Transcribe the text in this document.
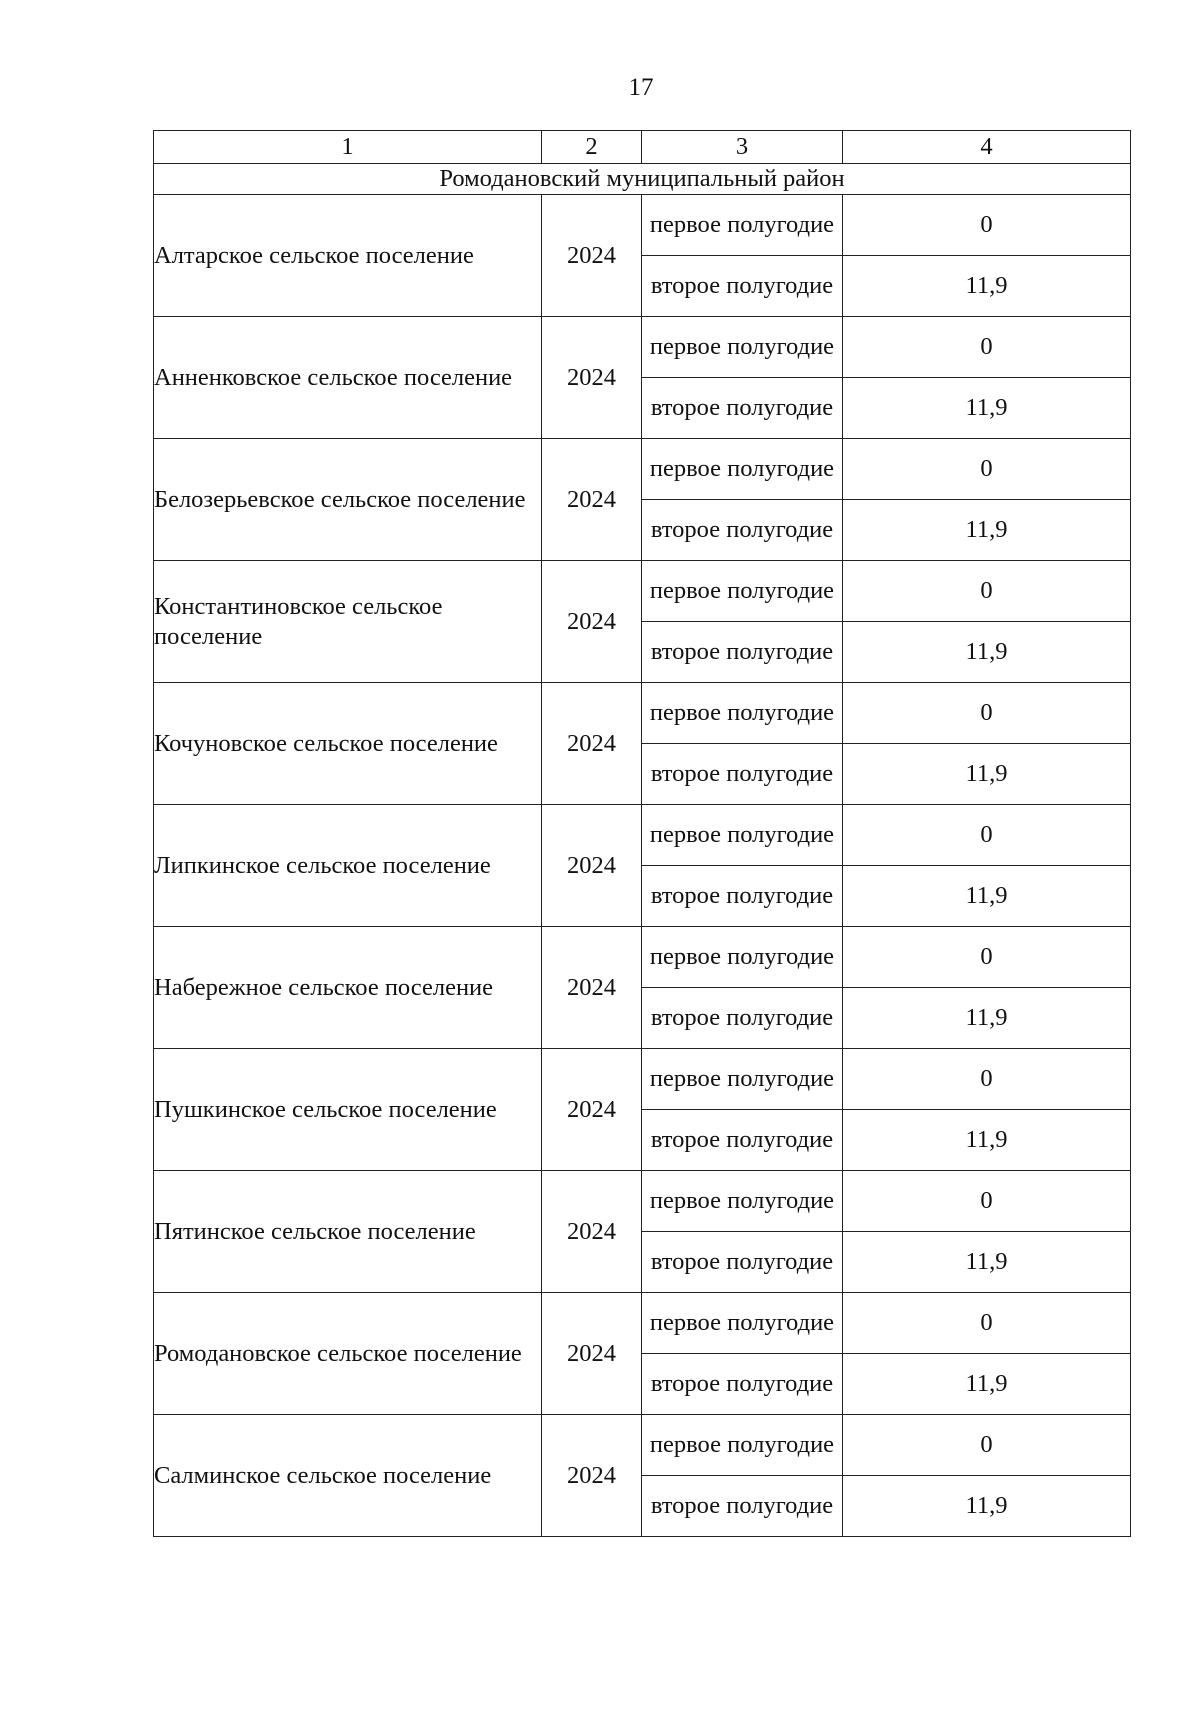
17
1	2	3	4
Ромодановский муниципальный район			
Алтарское сельское поселение	2024	первое полугодие	0
		второе полугодие	11,9
Анненковское сельское поселение	2024	первое полугодие	0
		второе полугодие	11,9
Белозерьевское сельское поселение	2024	первое полугодие	0
		второе полугодие	11,9
Константиновское сельское поселение	2024	первое полугодие	0
		второе полугодие	11,9
Кочуновское сельское поселение	2024	первое полугодие	0
		второе полугодие	11,9
Липкинское сельское поселение	2024	первое полугодие	0
		второе полугодие	11,9
Набережное сельское поселение	2024	первое полугодие	0
		второе полугодие	11,9
Пушкинское сельское поселение	2024	первое полугодие	0
		второе полугодие	11,9
Пятинское сельское поселение	2024	первое полугодие	0
		второе полугодие	11,9
Ромодановское сельское поселение	2024	первое полугодие	0
		второе полугодие	11,9
Салминское сельское поселение	2024	первое полугодие	0
		второе полугодие	11,9
